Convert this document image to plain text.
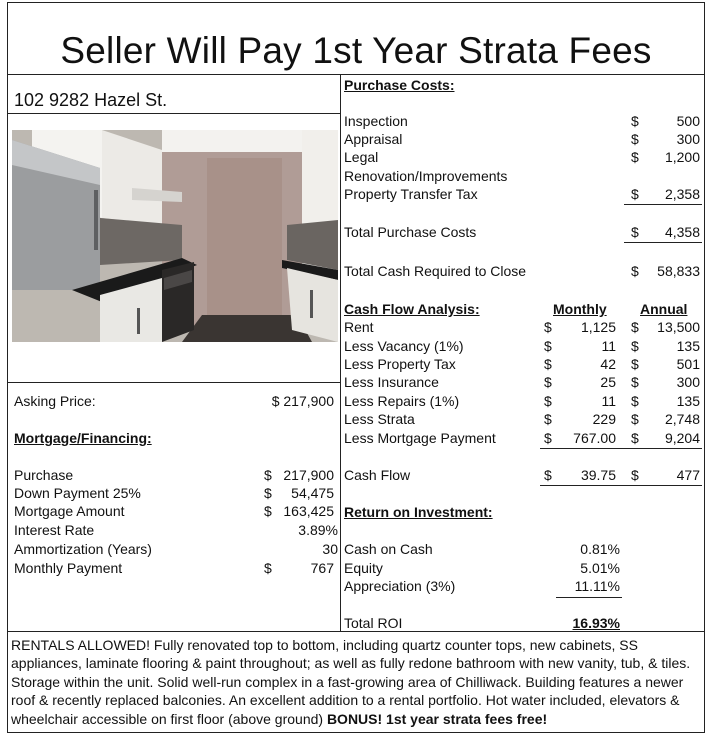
Seller Will Pay 1st Year Strata Fees
102 9282 Hazel St.
Asking Price:	$ 217,900
Mortgage/Financing:
Purchase	$ 217,900
Down Payment 25%	$	54,475
Mortgage Amount	$ 163,425
Interest Rate	3.89%
Ammortization (Years)	30
Monthly Payment	$	767
Purchase Costs:
Inspection	$	500
Appraisal	$	300
Legal	$	1,200
Renovation/Improvements
Property Transfer Tax	$	2,358
Total Purchase Costs	$	4,358
Total Cash Required to Close	$	58,833
Cash Flow Analysis:	Monthly Annual
Rent	$	1,125 $	13,500
Less Vacancy (1%)	$	11 $	135
Less Property Tax	$	42 $	501
Less Insurance	$	25 $	300
Less Repairs (1%)	$	11 $	135
Less Strata	$	229 $	2,748
Less Mortgage Payment	$	767.00 $	9,204
Cash Flow	$	39.75 $	477
Return on Investment:
Cash on Cash	0.81%
Equity	5.01%
Appreciation (3%)	11.11%
Total ROI	16.93%
RENTALS ALLOWED! Fully renovated top to bottom, including quartz counter tops, new cabinets, SS appliances, laminate flooring & paint throughout; as well as fully redone bathroom with new vanity, tub, & tiles. Storage within the unit. Solid well-run complex in a fast-growing area of Chilliwack. Building features a newer roof & recently replaced balconies. An excellent addition to a rental portfolio. Hot water included, elevators & wheelchair accessible on first floor (above ground) BONUS! 1st year strata fees free!
